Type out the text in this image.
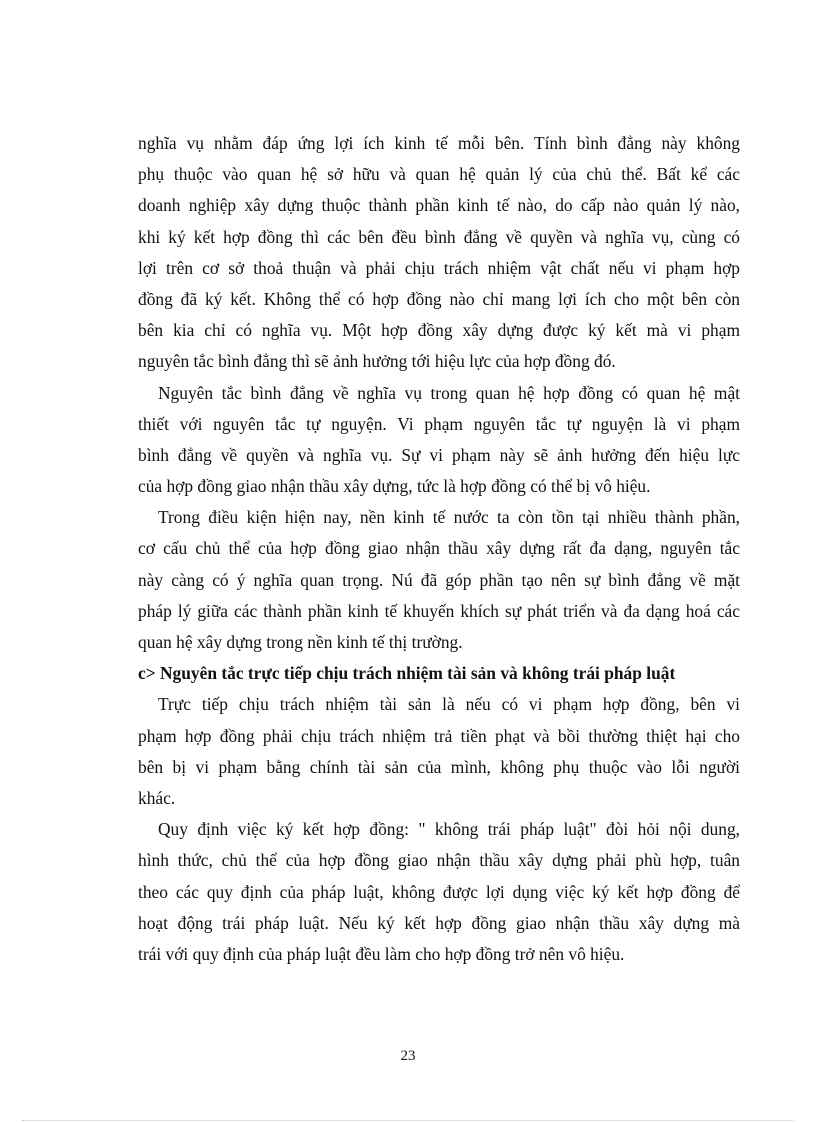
nghĩa vụ nhằm đáp ứng lợi ích kinh tế mỗi bên. Tính bình đẳng này không
phụ thuộc vào quan hệ sở hữu và quan hệ quản lý của chủ thể. Bất kể các
doanh nghiệp xây dựng thuộc thành phần kinh tế nào, do cấp nào quản lý nào,
khi ký kết hợp đồng thì các bên đều bình đẳng về quyền và nghĩa vụ, cùng có
lợi trên cơ sở thoả thuận và phải chịu trách nhiệm vật chất nếu vi phạm hợp
đồng đã ký kết. Không thể có hợp đồng nào chỉ mang lợi ích cho một bên còn
bên kia chỉ có nghĩa vụ. Một hợp đồng xây dựng được ký kết mà vi phạm
nguyên tắc bình đẳng thì sẽ ảnh hưởng tới hiệu lực của hợp đồng đó.
Nguyên tắc bình đẳng về nghĩa vụ trong quan hệ hợp đồng có quan hệ mật
thiết với nguyên tắc tự nguyện. Vi phạm nguyên tắc tự nguyện là vi phạm
bình đẳng về quyền và nghĩa vụ. Sự vi phạm này sẽ ảnh hưởng đến hiệu lực
của hợp đồng giao nhận thầu xây dựng, tức là hợp đồng có thể bị vô hiệu.
Trong điều kiện hiện nay, nền kinh tế nước ta còn tồn tại nhiều thành phần,
cơ cấu chủ thể của hợp đồng giao nhận thầu xây dựng rất đa dạng, nguyên tắc
này càng có ý nghĩa quan trọng. Nú đã góp phần tạo nên sự bình đẳng về mặt
pháp lý giữa các thành phần kinh tế khuyến khích sự phát triển và đa dạng hoá các
quan hệ xây dựng trong nền kinh tế thị trường.
c> Nguyên tắc trực tiếp chịu trách nhiệm tài sản và không trái pháp luật
Trực tiếp chịu trách nhiệm tài sản là nếu có vi phạm hợp đồng, bên vi
phạm hợp đồng phải chịu trách nhiệm trả tiền phạt và bồi thường thiệt hại cho
bên bị vi phạm bằng chính tài sản của mình, không phụ thuộc vào lỗi người
khác.
Quy định việc ký kết hợp đồng: " không trái pháp luật" đòi hỏi nội dung,
hình thức, chủ thể của hợp đồng giao nhận thầu xây dựng phải phù hợp, tuân
theo các quy định của pháp luật, không được lợi dụng việc ký kết hợp đồng để
hoạt động trái pháp luật. Nếu ký kết hợp đồng giao nhận thầu xây dựng mà
trái với quy định của pháp luật đều làm cho hợp đồng trở nên vô hiệu.
23
